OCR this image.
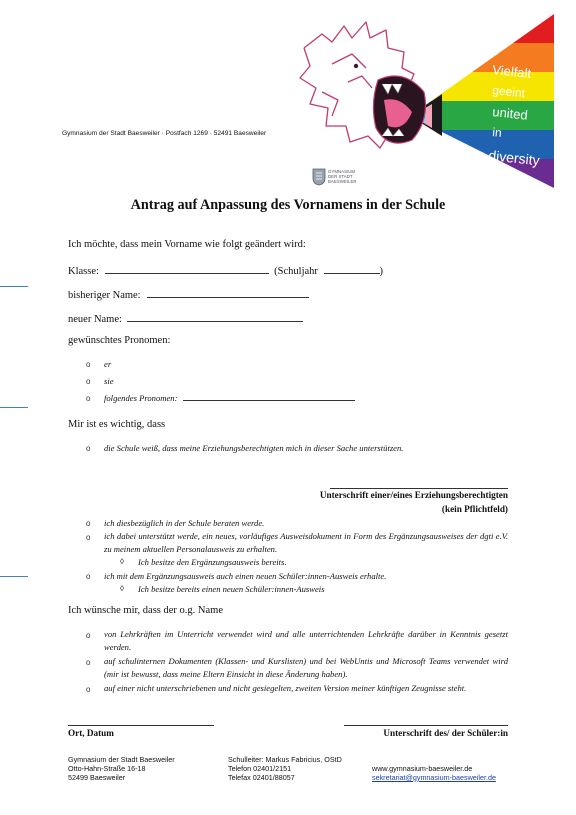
in
Vielfalt
geeint
united
in
diversity
GYMNASIUM
DER STADT
BAESWEILER
Gymnasium der Stadt Baesweiler · Postfach 1269 · 52491 Baesweiler
Antrag auf Anpassung des Vornamens in der Schule
Ich möchte, dass mein Vorname wie folgt geändert wird:
Klasse:	(Schuljahr	)
bisheriger Name:
neuer Name:
gewünschtes Pronomen:
o er
o sie
o folgendes Pronomen:
Mir ist es wichtig, dass
o die Schule weiß, dass meine Erziehungsberechtigten mich in dieser Sache unterstützen.
Unterschrift einer/eines Erziehungsberechtigten
(kein Pflichtfeld)
o ich diesbezüglich in der Schule beraten werde.
o ich dabei unterstützt werde, ein neues, vorläufiges Ausweisdokument in Form des Ergänzungsausweises der dgti e.V. zu meinem aktuellen Personalausweis zu erhalten.
◊ Ich besitze den Ergänzungsausweis bereits.
o ich mit dem Ergänzungsausweis auch einen neuen Schüler:innen-Ausweis erhalte.
◊ Ich besitze bereits einen neuen Schüler:innen-Ausweis
Ich wünsche mir, dass der o.g. Name
o von Lehrkräften im Unterricht verwendet wird und alle unterrichtenden Lehrkräfte darüber in Kenntnis gesetzt werden.
o auf schulinternen Dokumenten (Klassen- und Kurslisten) und bei WebUntis und Microsoft Teams verwendet wird (mir ist bewusst, dass meine Eltern Einsicht in diese Änderung haben).
o auf einer nicht unterschriebenen und nicht gesiegelten, zweiten Version meiner künftigen Zeugnisse steht.
Ort, Datum	Unterschrift des/ der Schüler:in
Gymnasium der Stadt Baesweiler
Otto-Hahn-Straße 16-18
52499 Baesweiler
Schulleiter: Markus Fabricius, OStD
Telefon 02401/2151
Telefax 02401/88057
www.gymnasium-baesweiler.de
sekretariat@gymnasium-baesweiler.de
